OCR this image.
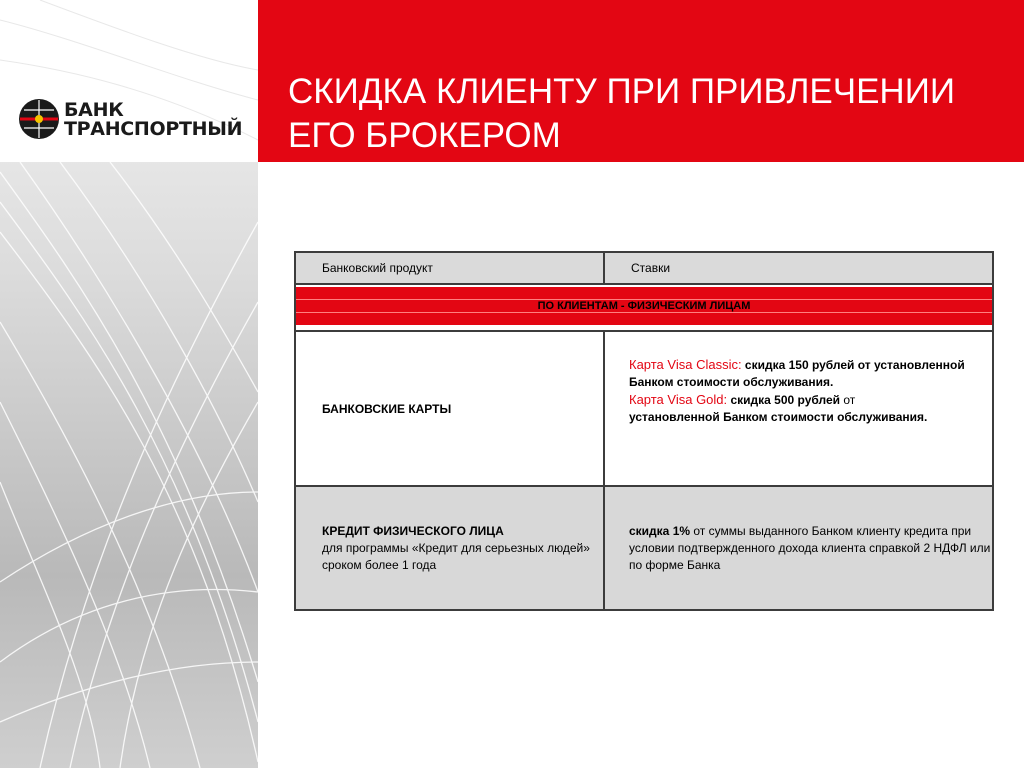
БАНК
ТРАНСПОРТНЫЙ
СКИДКА КЛИЕНТУ ПРИ ПРИВЛЕЧЕНИИ
ЕГО БРОКЕРОМ
Банковский продукт	Ставки
ПО КЛИЕНТАМ - ФИЗИЧЕСКИМ ЛИЦАМ
БАНКОВСКИЕ КАРТЫ
Карта Visa Classic: скидка 150 рублей от установленной Банком стоимости обслуживания.
Карта Visa Gold: скидка 500 рублей от
установленной Банком стоимости обслуживания.
КРЕДИТ ФИЗИЧЕСКОГО ЛИЦА
для программы «Кредит для серьезных людей» сроком более 1 года
скидка 1% от суммы выданного Банком клиенту кредита при условии подтвержденного дохода клиента справкой 2 НДФЛ или по форме Банка
